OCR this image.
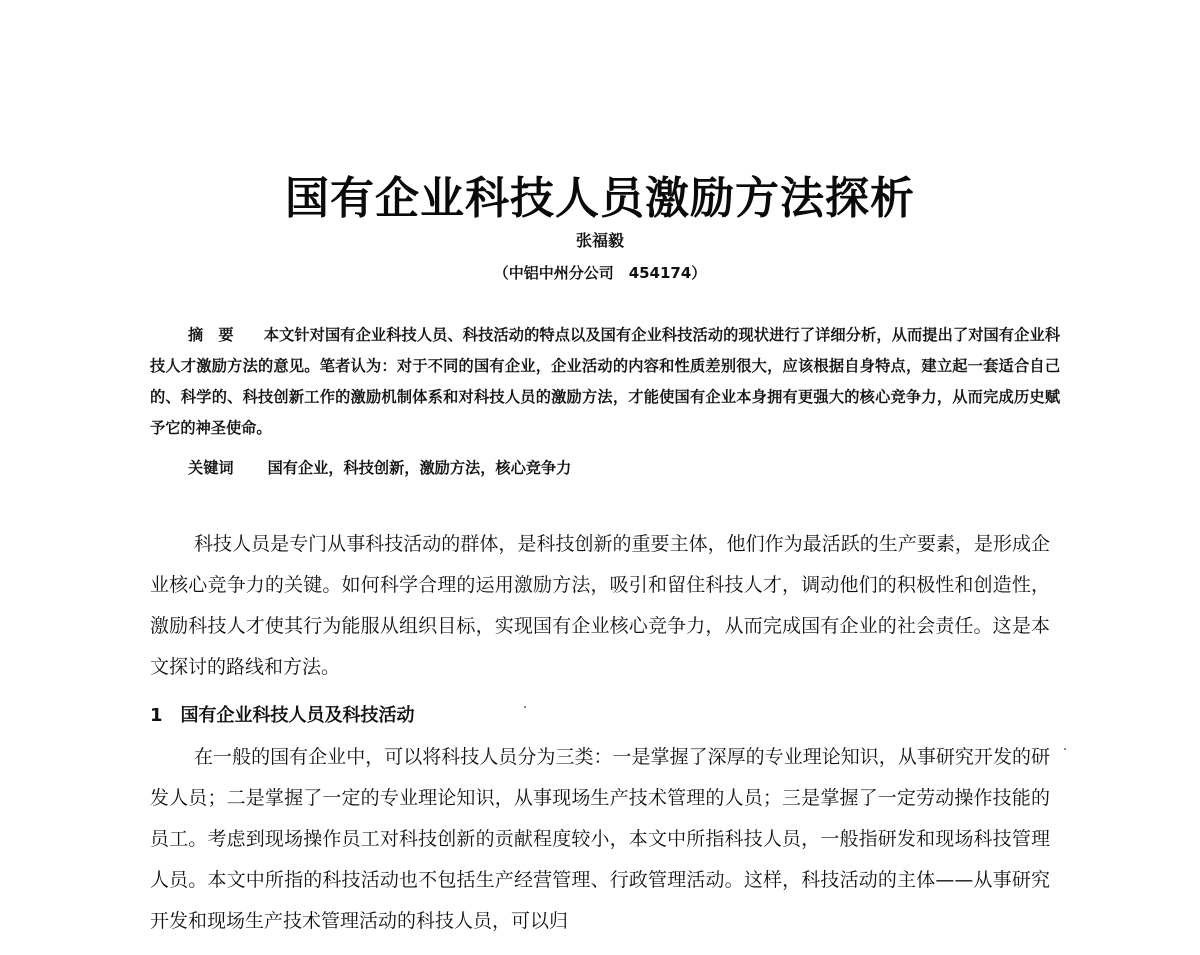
国有企业科技人员激励方法探析
张福毅
（中铝中州分公司　454174）
摘　要 本文针对国有企业科技人员、科技活动的特点以及国有企业科技活动的现状进行了详细分析，从而提出了对国有企业科技人才激励方法的意见。笔者认为：对于不同的国有企业，企业活动的内容和性质差别很大，应该根据自身特点，建立起一套适合自己的、科学的、科技创新工作的激励机制体系和对科技人员的激励方法，才能使国有企业本身拥有更强大的核心竞争力，从而完成历史赋予它的神圣使命。
关键词 国有企业，科技创新，激励方法，核心竞争力
科技人员是专门从事科技活动的群体，是科技创新的重要主体，他们作为最活跃的生产要素，是形成企业核心竞争力的关键。如何科学合理的运用激励方法，吸引和留住科技人才，调动他们的积极性和创造性，激励科技人才使其行为能服从组织目标，实现国有企业核心竞争力，从而完成国有企业的社会责任。这是本文探讨的路线和方法。
1 国有企业科技人员及科技活动
在一般的国有企业中，可以将科技人员分为三类：一是掌握了深厚的专业理论知识，从事研究开发的研发人员；二是掌握了一定的专业理论知识，从事现场生产技术管理的人员；三是掌握了一定劳动操作技能的员工。考虑到现场操作员工对科技创新的贡献程度较小，本文中所指科技人员，一般指研发和现场科技管理人员。本文中所指的科技活动也不包括生产经营管理、行政管理活动。这样，科技活动的主体——从事研究开发和现场生产技术管理活动的科技人员，可以归
